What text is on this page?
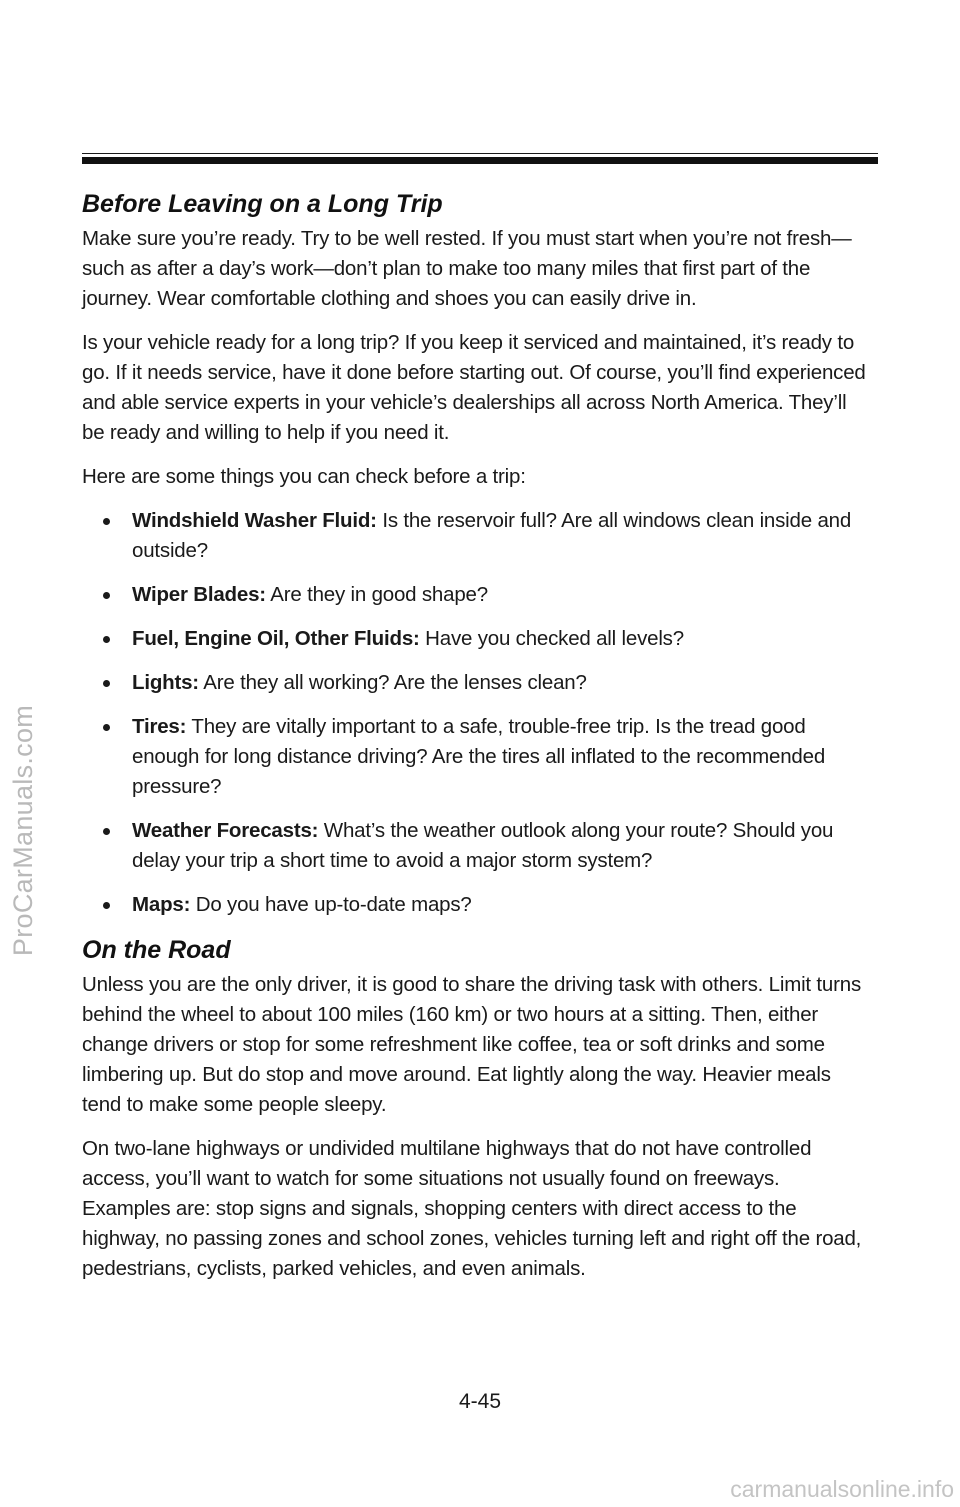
ProCarManuals.com
Before Leaving on a Long Trip

Make sure you’re ready. Try to be well rested. If you must start when you’re not fresh—such as after a day’s work—don’t plan to make too many miles that first part of the journey. Wear comfortable clothing and shoes you can easily drive in.

Is your vehicle ready for a long trip? If you keep it serviced and maintained, it’s ready to go. If it needs service, have it done before starting out. Of course, you’ll find experienced and able service experts in your vehicle’s dealerships all across North America. They’ll be ready and willing to help if you need it.

Here are some things you can check before a trip:

Windshield Washer Fluid: Is the reservoir full? Are all windows clean inside and outside?
Wiper Blades: Are they in good shape?
Fuel, Engine Oil, Other Fluids: Have you checked all levels?
Lights: Are they all working? Are the lenses clean?
Tires: They are vitally important to a safe, trouble-free trip. Is the tread good enough for long distance driving? Are the tires all inflated to the recommended pressure?
Weather Forecasts: What’s the weather outlook along your route? Should you delay your trip a short time to avoid a major storm system?
Maps: Do you have up-to-date maps?
On the Road

Unless you are the only driver, it is good to share the driving task with others. Limit turns behind the wheel to about 100 miles (160 km) or two hours at a sitting. Then, either change drivers or stop for some refreshment like coffee, tea or soft drinks and some limbering up. But do stop and move around. Eat lightly along the way. Heavier meals tend to make some people sleepy.

On two-lane highways or undivided multilane highways that do not have controlled access, you’ll want to watch for some situations not usually found on freeways. Examples are: stop signs and signals, shopping centers with direct access to the highway, no passing zones and school zones, vehicles turning left and right off the road, pedestrians, cyclists, parked vehicles, and even animals.

4-45
carmanualsonline.info
